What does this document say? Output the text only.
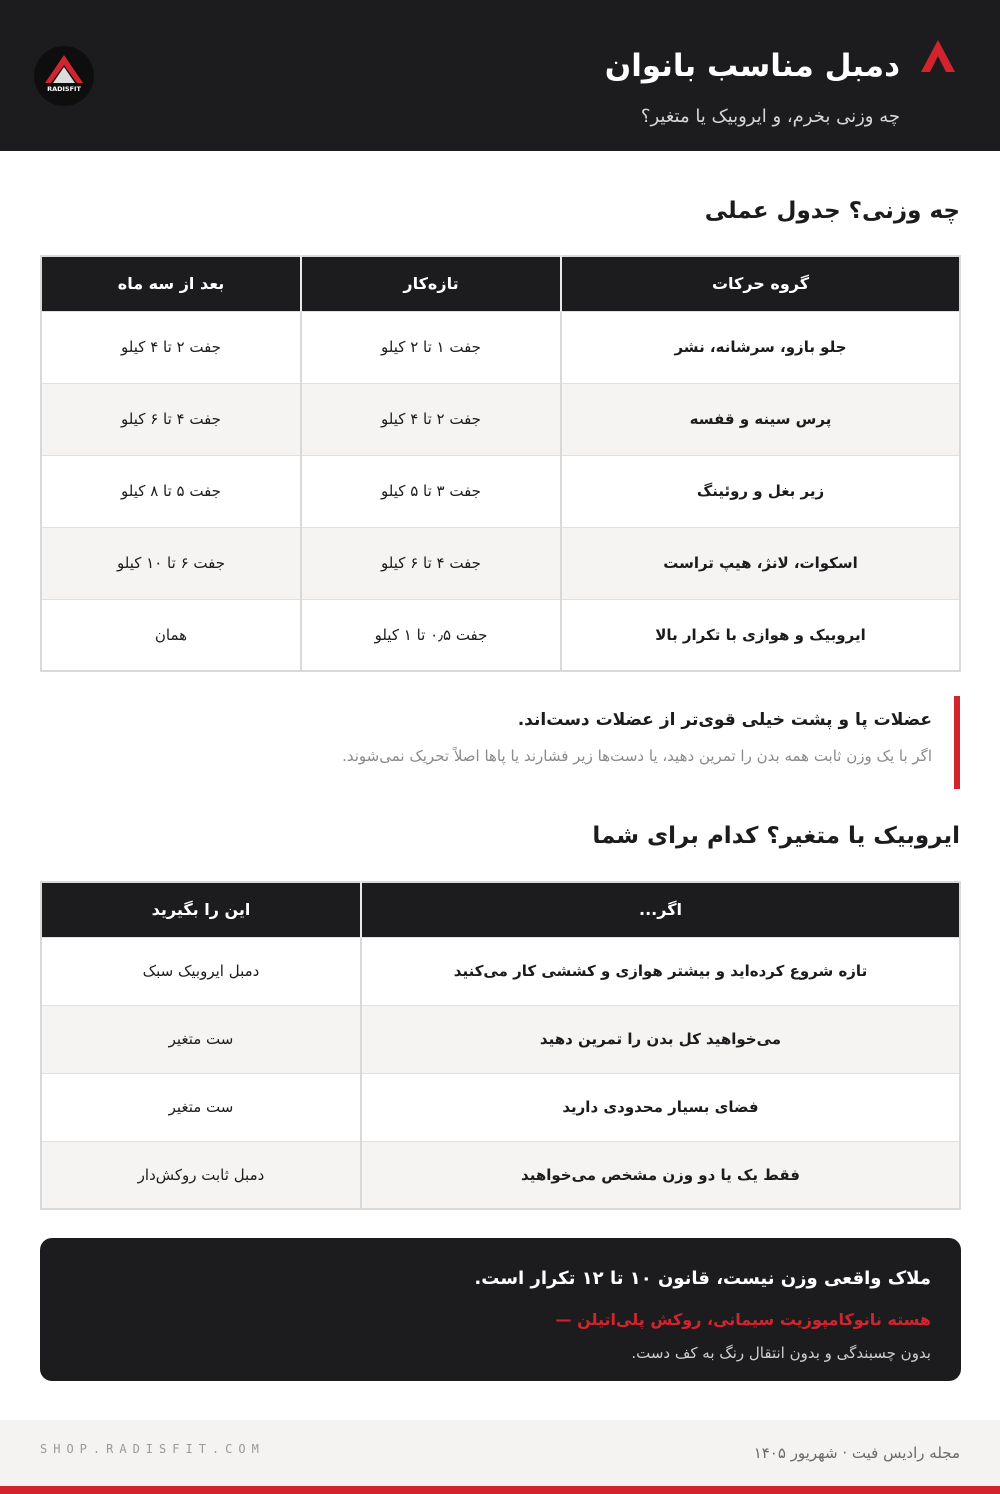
دمبل مناسب بانوان
چه وزنی بخرم، و ایروبیک یا متغیر؟
RADISFIT
چه وزنی؟ جدول عملی
گروه حرکات	تازه‌کار	بعد از سه ماه
جلو بازو، سرشانه، نشر	جفت ۱ تا ۲ کیلو	جفت ۲ تا ۴ کیلو
پرس سینه و قفسه	جفت ۲ تا ۴ کیلو	جفت ۴ تا ۶ کیلو
زیر بغل و روئینگ	جفت ۳ تا ۵ کیلو	جفت ۵ تا ۸ کیلو
اسکوات، لانژ، هیپ تراست	جفت ۴ تا ۶ کیلو	جفت ۶ تا ۱۰ کیلو
ایروبیک و هوازی با تکرار بالا	جفت ۰٫۵ تا ۱ کیلو	همان
عضلات پا و پشت خیلی قوی‌تر از عضلات دست‌اند.
اگر با یک وزن ثابت همه بدن را تمرین دهید، یا دست‌ها زیر فشارند یا پاها اصلاً تحریک نمی‌شوند.
ایروبیک یا متغیر؟ کدام برای شما
اگر...	این را بگیرید
تازه شروع کرده‌اید و بیشتر هوازی و کششی کار می‌کنید	دمبل ایروبیک سبک
می‌خواهید کل بدن را تمرین دهید	ست متغیر
فضای بسیار محدودی دارید	ست متغیر
فقط یک یا دو وزن مشخص می‌خواهید	دمبل ثابت روکش‌دار
ملاک واقعی وزن نیست، قانون ۱۰ تا ۱۲ تکرار است.
هسته نانوکامپوزیت سیمانی، روکش پلی‌اتیلن —
بدون چسبندگی و بدون انتقال رنگ به کف دست.
SHOP.RADISFIT.COM	مجله رادیس فیت · شهریور ۱۴۰۵
